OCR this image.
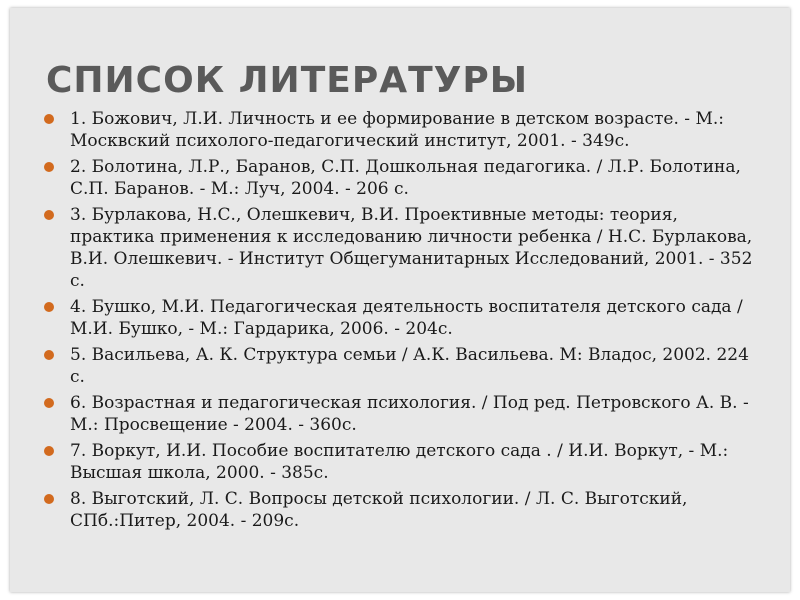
СПИСОК ЛИТЕРАТУРЫ
1. Божович, Л.И. Личность и ее формирование в детском возрасте. - М.: Москвский психолого-педагогический институт, 2001. - 349с.
2. Болотина, Л.Р., Баранов, С.П. Дошкольная педагогика. / Л.Р. Болотина, С.П. Баранов. - М.: Луч, 2004. - 206 с.
3. Бурлакова, Н.С., Олешкевич, В.И. Проективные методы: теория, практика применения к исследованию личности ребенка / Н.С. Бурлакова, В.И. Олешкевич. - Институт Общегуманитарных Исследований, 2001. - 352 с.
4. Бушко, М.И. Педагогическая деятельность воспитателя детского сада / М.И. Бушко, - М.: Гардарика, 2006. - 204с.
5. Васильева, А. К. Структура семьи / А.К. Васильева. М: Владос, 2002. 224 с.
6. Возрастная и педагогическая психология. / Под ред. Петровского А. В. - М.: Просвещение - 2004. - 360с.
7. Воркут, И.И. Пособие воспитателю детского сада . / И.И. Воркут, - М.: Высшая школа, 2000. - 385с.
8. Выготский, Л. С. Вопросы детской психологии. / Л. С. Выготский, СПб.:Питер, 2004. - 209с.
